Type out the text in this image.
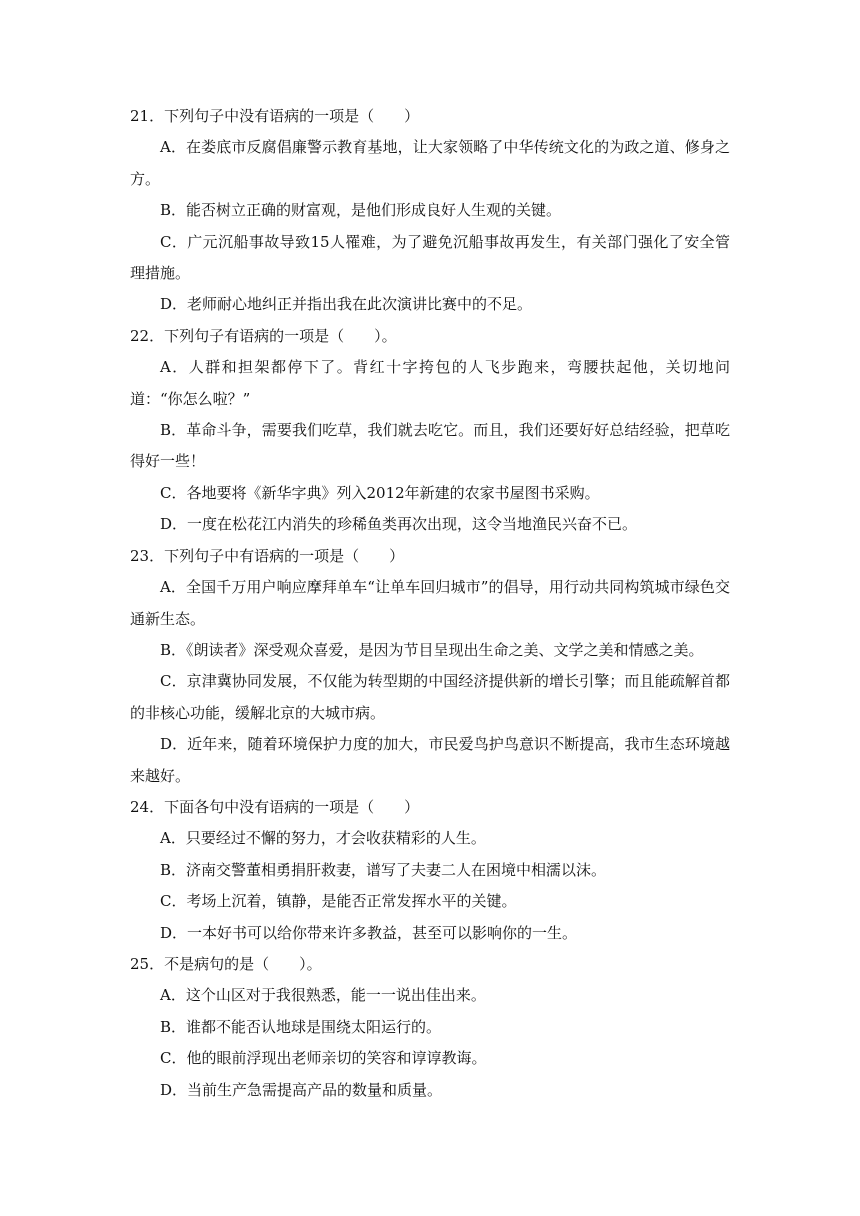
21．下列句子中没有语病的一项是（　　）

A．在娄底市反腐倡廉警示教育基地，让大家领略了中华传统文化的为政之道、修身之方。

B．能否树立正确的财富观，是他们形成良好人生观的关键。

C．广元沉船事故导致15人罹难，为了避免沉船事故再发生，有关部门强化了安全管理措施。

D．老师耐心地纠正并指出我在此次演讲比赛中的不足。

22．下列句子有语病的一项是（　　）。

A．人群和担架都停下了。背红十字挎包的人飞步跑来，弯腰扶起他，关切地问道：“你怎么啦？”

B．革命斗争，需要我们吃草，我们就去吃它。而且，我们还要好好总结经验，把草吃得好一些！

C．各地要将《新华字典》列入2012年新建的农家书屋图书采购。

D．一度在松花江内消失的珍稀鱼类再次出现，这令当地渔民兴奋不已。

23．下列句子中有语病的一项是（　　）

A．全国千万用户响应摩拜单车“让单车回归城市”的倡导，用行动共同构筑城市绿色交通新生态。

B．《朗读者》深受观众喜爱，是因为节目呈现出生命之美、文学之美和情感之美。

C．京津冀协同发展，不仅能为转型期的中国经济提供新的增长引擎；而且能疏解首都的非核心功能，缓解北京的大城市病。

D．近年来，随着环境保护力度的加大，市民爱鸟护鸟意识不断提高，我市生态环境越来越好。

24．下面各句中没有语病的一项是（　　）

A．只要经过不懈的努力，才会收获精彩的人生。

B．济南交警董相勇捐肝救妻，谱写了夫妻二人在困境中相濡以沫。

C．考场上沉着，镇静，是能否正常发挥水平的关键。

D．一本好书可以给你带来许多教益，甚至可以影响你的一生。

25．不是病句的是（　　）。

A．这个山区对于我很熟悉，能一一说出佳出来。

B．谁都不能否认地球是围绕太阳运行的。

C．他的眼前浮现出老师亲切的笑容和谆谆教诲。

D．当前生产急需提高产品的数量和质量。
